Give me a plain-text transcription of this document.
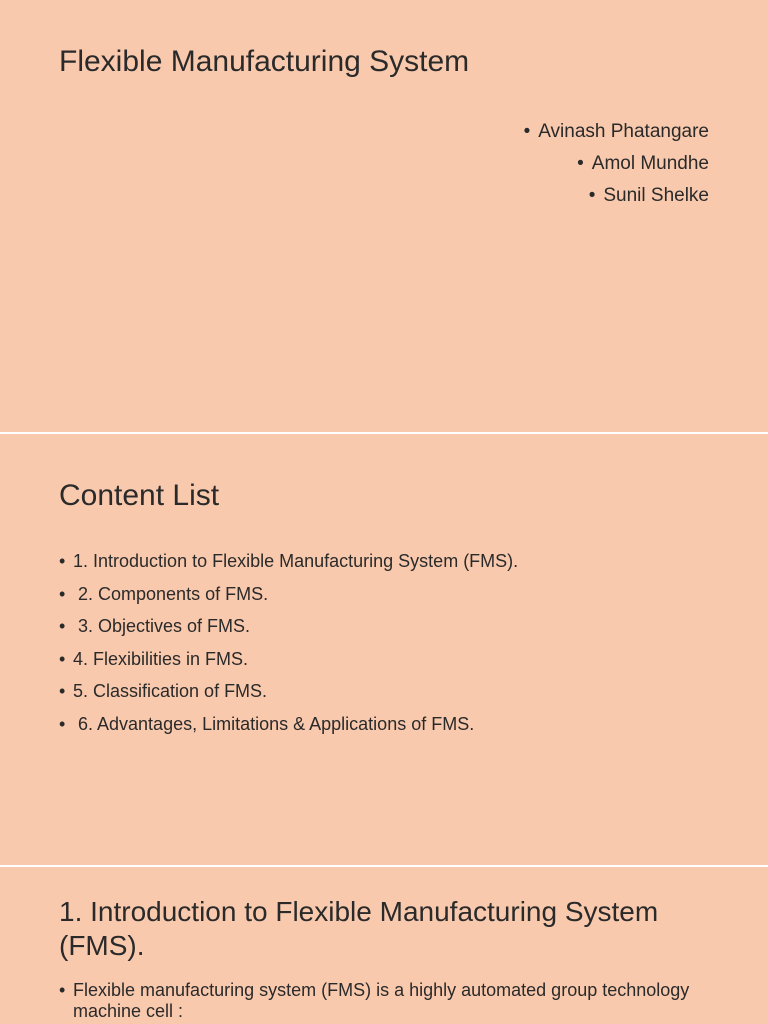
Flexible Manufacturing System
• Avinash Phatangare
• Amol Mundhe
• Sunil Shelke
Content List
• 1. Introduction to Flexible Manufacturing System (FMS).
• 2. Components of FMS.
• 3. Objectives of FMS.
• 4. Flexibilities in FMS.
• 5. Classification of FMS.
• 6. Advantages, Limitations & Applications of FMS.
1. Introduction to Flexible Manufacturing System (FMS).
• Flexible manufacturing system (FMS) is a highly automated group technology machine cell :
